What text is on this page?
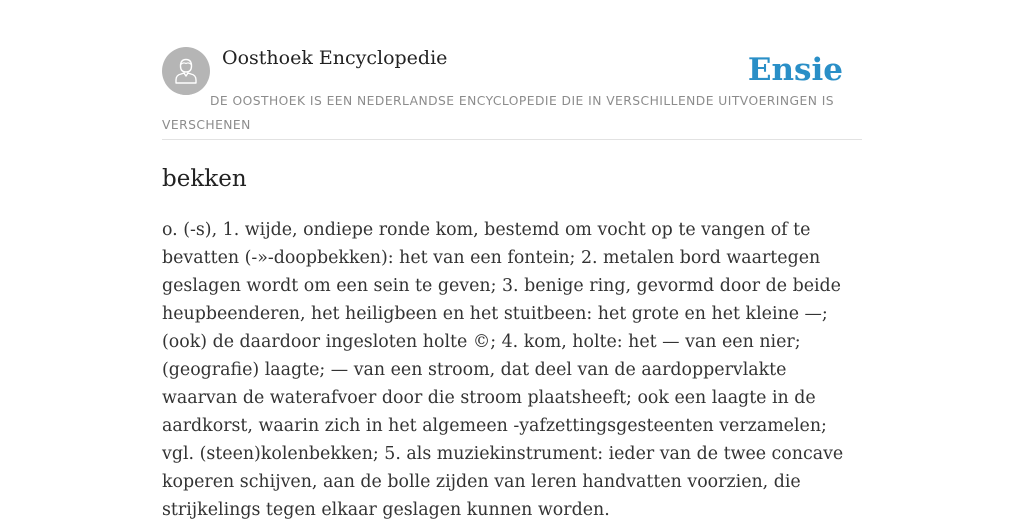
Oosthoek Encyclopedie	Ensie
DE OOSTHOEK IS EEN NEDERLANDSE ENCYCLOPEDIE DIE IN VERSCHILLENDE UITVOERINGEN IS VERSCHENEN
bekken

o. (-s), 1. wijde, ondiepe ronde kom, bestemd om vocht op te vangen of te bevatten (-»-doopbekken): het van een fontein; 2. metalen bord waartegen geslagen wordt om een sein te geven; 3. benige ring, gevormd door de beide heupbeenderen, het heiligbeen en het stuitbeen: het grote en het kleine —; (ook) de daardoor ingesloten holte ©; 4. kom, holte: het — van een nier; (geografie) laagte; — van een stroom, dat deel van de aardoppervlakte waarvan de waterafvoer door die stroom plaatsheeft; ook een laagte in de aardkorst, waarin zich in het algemeen -yafzettingsgesteenten verzamelen; vgl. (steen)kolenbekken; 5. als muziekinstrument: ieder van de twee concave koperen schijven, aan de bolle zijden van leren handvatten voorzien, die strijkelings tegen elkaar geslagen kunnen worden.
